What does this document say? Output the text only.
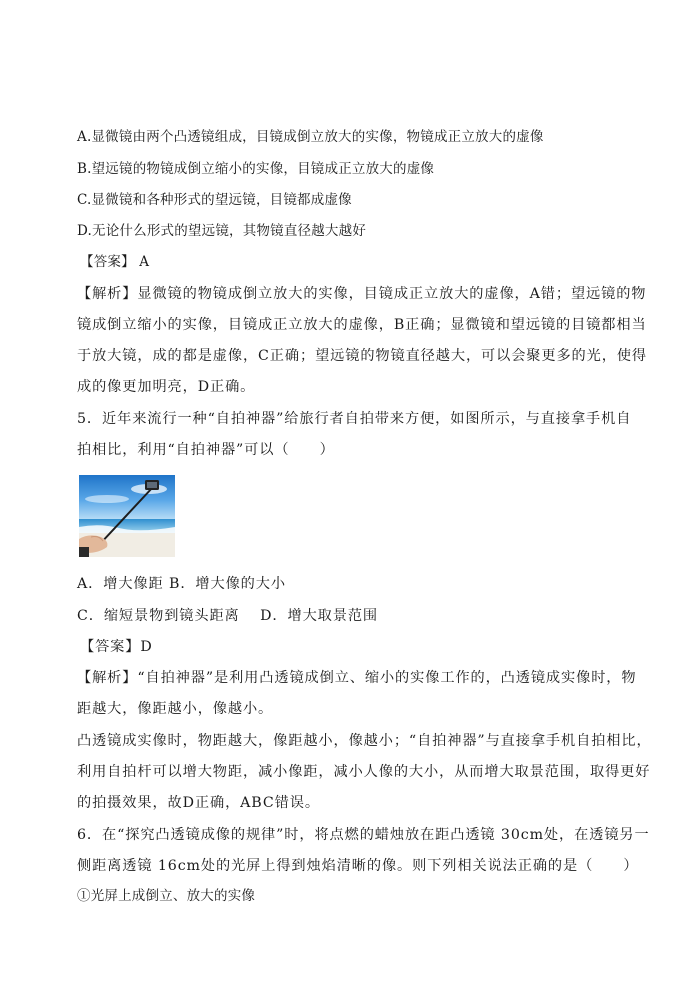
A.显微镜由两个凸透镜组成，目镜成倒立放大的实像，物镜成正立放大的虚像
B.望远镜的物镜成倒立缩小的实像，目镜成正立放大的虚像
C.显微镜和各种形式的望远镜，目镜都成虚像
D.无论什么形式的望远镜，其物镜直径越大越好
【答案】 A
【解析】显微镜的物镜成倒立放大的实像，目镜成正立放大的虚像，A错；望远镜的物
镜成倒立缩小的实像，目镜成正立放大的虚像，B正确；显微镜和望远镜的目镜都相当
于放大镜，成的都是虚像，C正确；望远镜的物镜直径越大，可以会聚更多的光，使得
成的像更加明亮，D正确。
5．近年来流行一种“自拍神器”给旅行者自拍带来方便，如图所示，与直接拿手机自
拍相比，利用“自拍神器”可以（　　）
A．增大像距 B．增大像的大小
C．缩短景物到镜头距离　 D．增大取景范围
【答案】D
【解析】“自拍神器”是利用凸透镜成倒立、缩小的实像工作的，凸透镜成实像时，物
距越大，像距越小，像越小。
凸透镜成实像时，物距越大，像距越小，像越小；“自拍神器”与直接拿手机自拍相比，
利用自拍杆可以增大物距，减小像距，减小人像的大小，从而增大取景范围，取得更好
的拍摄效果，故D正确，ABC错误。
6．在“探究凸透镜成像的规律”时，将点燃的蜡烛放在距凸透镜 30cm处，在透镜另一
侧距离透镜 16cm处的光屏上得到烛焰清晰的像。则下列相关说法正确的是（　　）
①光屏上成倒立、放大的实像
